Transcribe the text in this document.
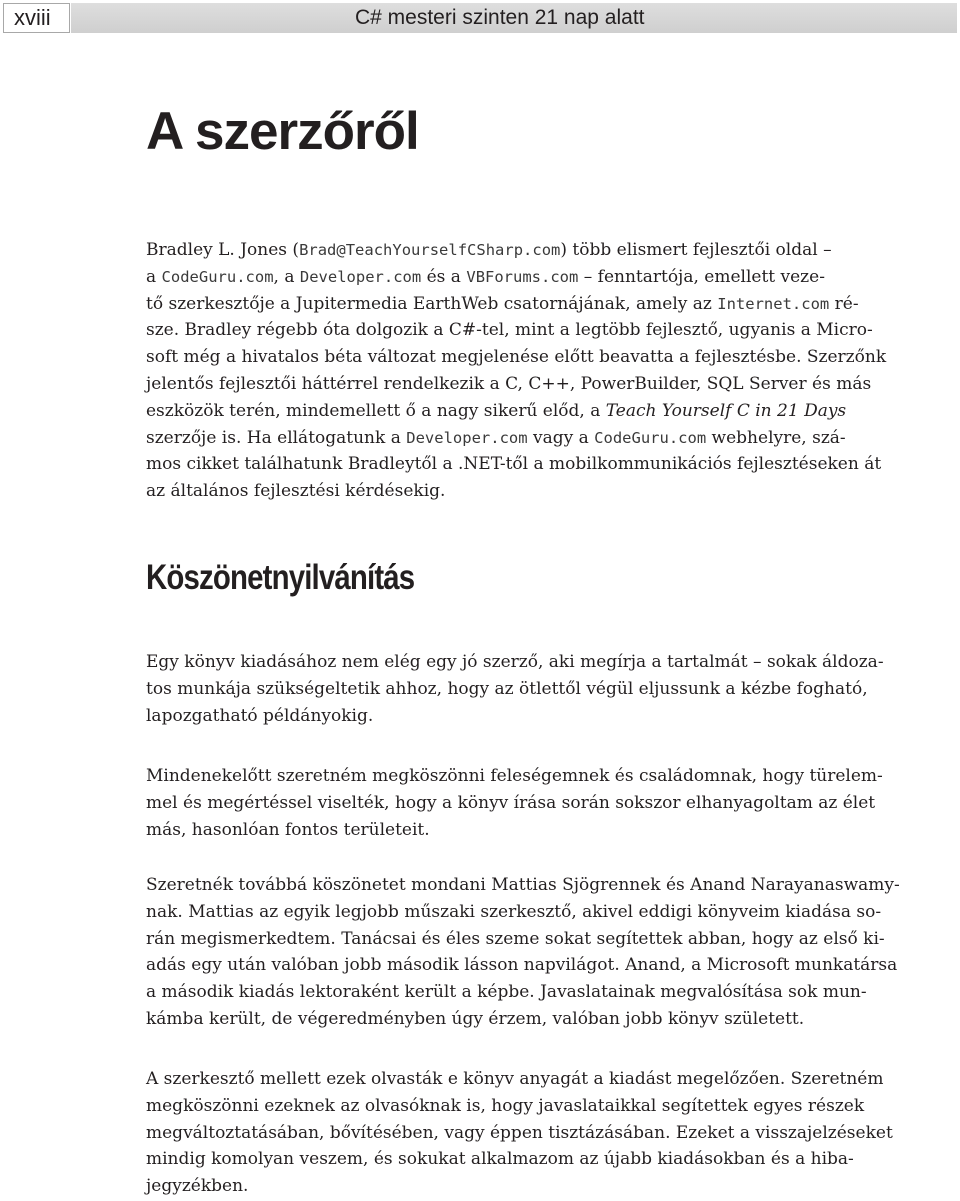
xviii	C# mesteri szinten 21 nap alatt
A szerzőről
Bradley L. Jones (Brad@TeachYourselfCSharp.com) több elismert fejlesztői oldal –
a CodeGuru.com, a Developer.com és a VBForums.com – fenntartója, emellett veze-
tő szerkesztője a Jupitermedia EarthWeb csatornájának, amely az Internet.com ré-
sze. Bradley régebb óta dolgozik a C#-tel, mint a legtöbb fejlesztő, ugyanis a Micro-
soft még a hivatalos béta változat megjelenése előtt beavatta a fejlesztésbe. Szerzőnk
jelentős fejlesztői háttérrel rendelkezik a C, C++, PowerBuilder, SQL Server és más
eszközök terén, mindemellett ő a nagy sikerű előd, a Teach Yourself C in 21 Days
szerzője is. Ha ellátogatunk a Developer.com vagy a CodeGuru.com webhelyre, szá-
mos cikket találhatunk Bradleytől a .NET-től a mobilkommunikációs fejlesztéseken át
az általános fejlesztési kérdésekig.
Köszönetnyilvánítás
Egy könyv kiadásához nem elég egy jó szerző, aki megírja a tartalmát – sokak áldoza-
tos munkája szükségeltetik ahhoz, hogy az ötlettől végül eljussunk a kézbe fogható,
lapozgatható példányokig.
Mindenekelőtt szeretném megköszönni feleségemnek és családomnak, hogy türelem-
mel és megértéssel viselték, hogy a könyv írása során sokszor elhanyagoltam az élet
más, hasonlóan fontos területeit.
Szeretnék továbbá köszönetet mondani Mattias Sjögrennek és Anand Narayanaswamy-
nak. Mattias az egyik legjobb műszaki szerkesztő, akivel eddigi könyveim kiadása so-
rán megismerkedtem. Tanácsai és éles szeme sokat segítettek abban, hogy az első ki-
adás egy után valóban jobb második lásson napvilágot. Anand, a Microsoft munkatársa
a második kiadás lektoraként került a képbe. Javaslatainak megvalósítása sok mun-
kámba került, de végeredményben úgy érzem, valóban jobb könyv született.
A szerkesztő mellett ezek olvasták e könyv anyagát a kiadást megelőzően. Szeretném
megköszönni ezeknek az olvasóknak is, hogy javaslataikkal segítettek egyes részek
megváltoztatásában, bővítésében, vagy éppen tisztázásában. Ezeket a visszajelzéseket
mindig komolyan veszem, és sokukat alkalmazom az újabb kiadásokban és a hiba-
jegyzékben.
